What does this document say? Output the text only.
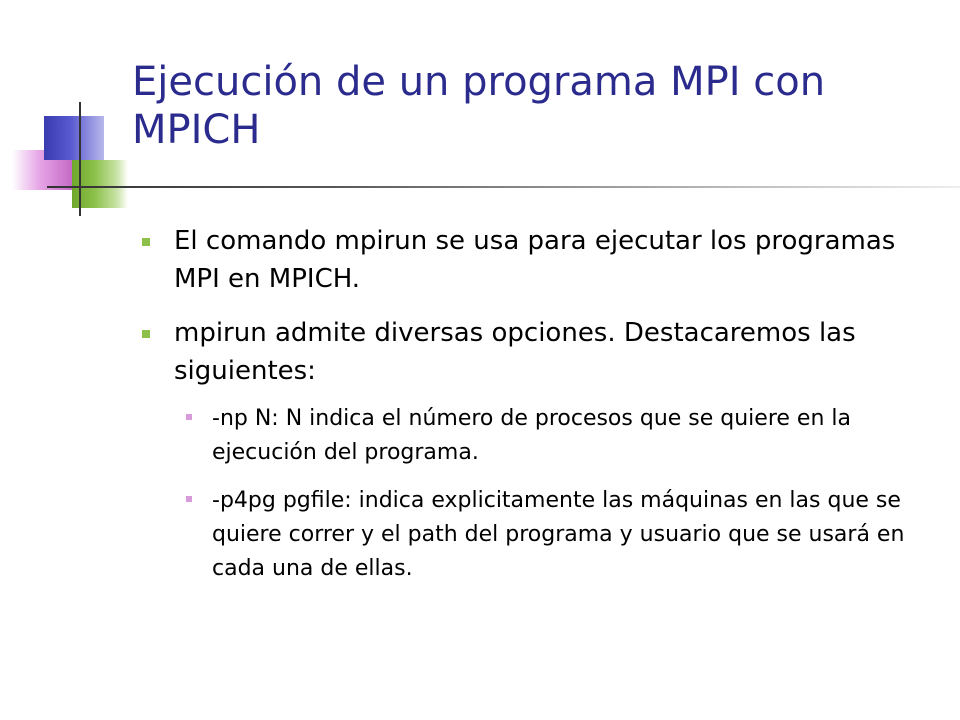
Ejecución de un programa MPI con MPICH
El comando mpirun se usa para ejecutar los programas MPI en MPICH.
mpirun admite diversas opciones. Destacaremos las siguientes:
-np N: N indica el número de procesos que se quiere en la ejecución del programa.
-p4pg pgfile: indica explicitamente las máquinas en las que se quiere correr y el path del programa y usuario que se usará en cada una de ellas.
